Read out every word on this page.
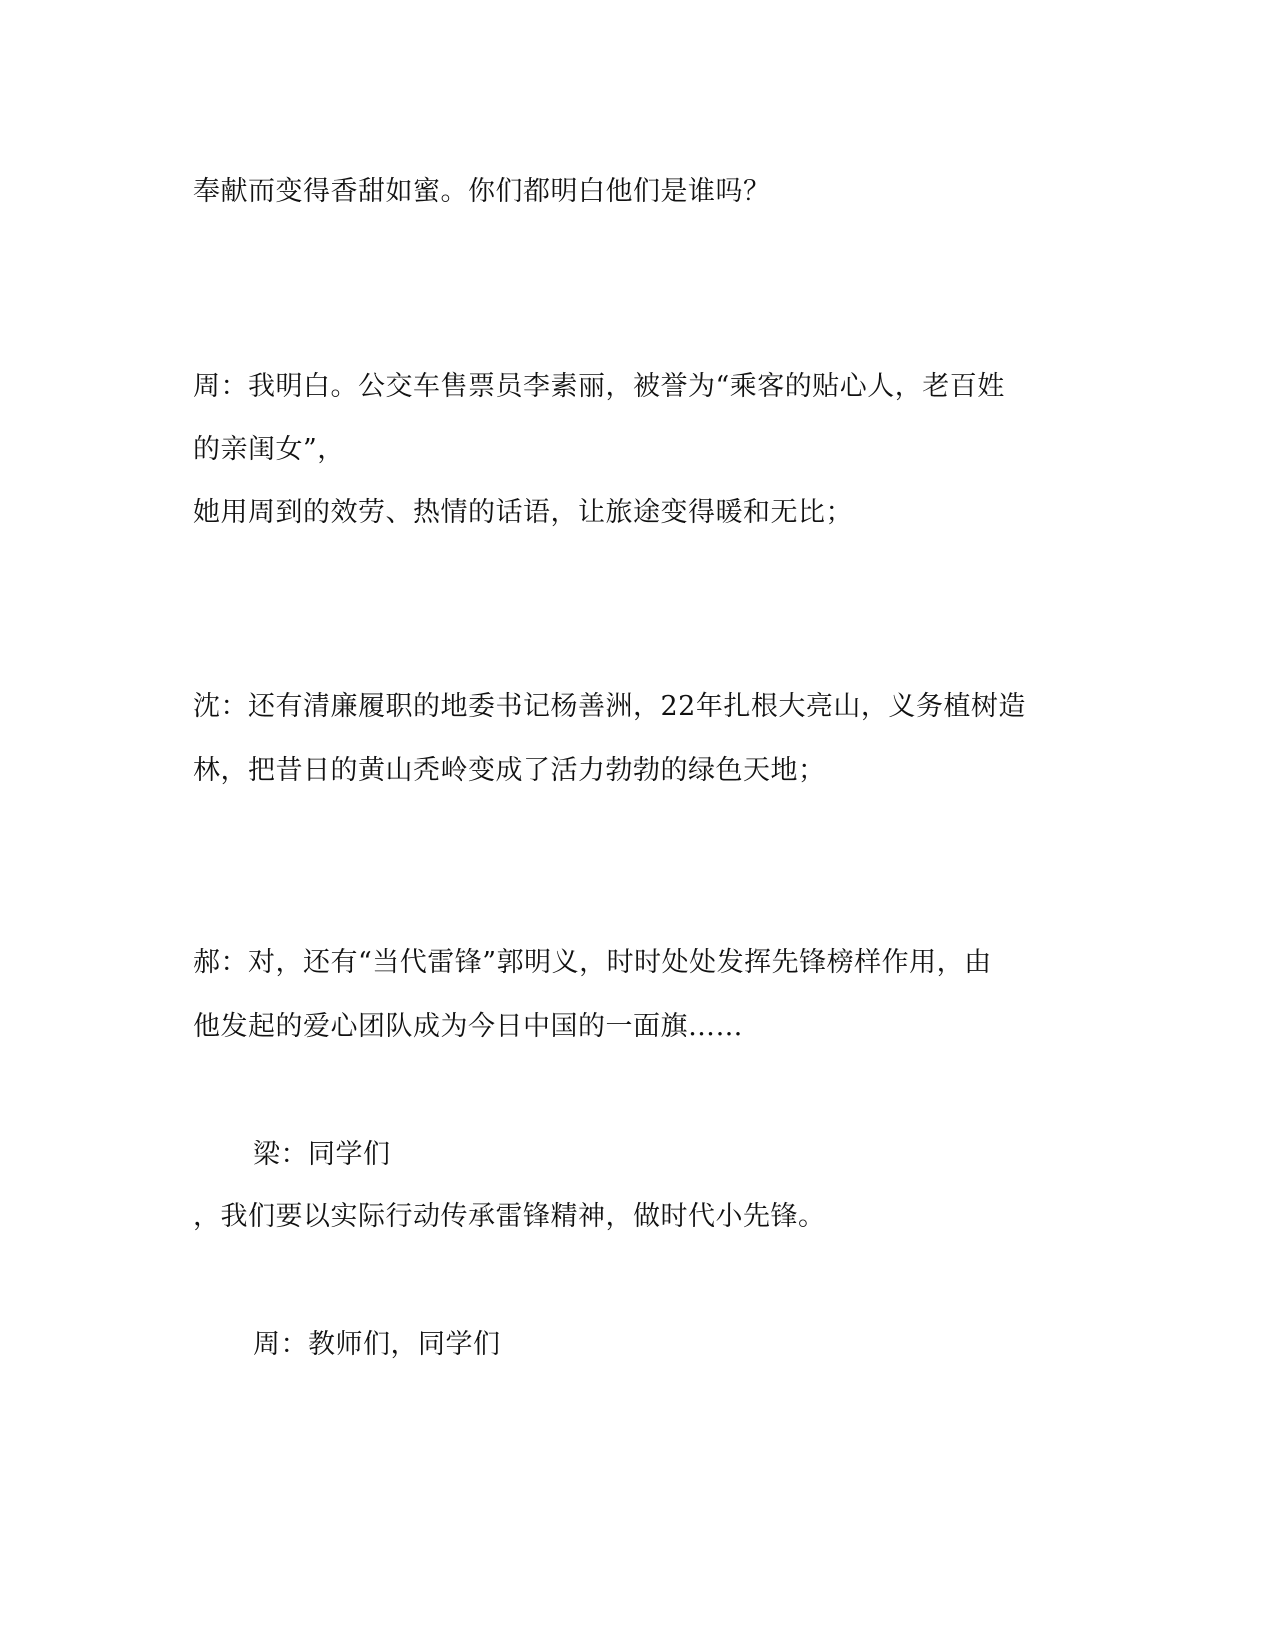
奉献而变得香甜如蜜。你们都明白他们是谁吗？
周：我明白。公交车售票员李素丽，被誉为“乘客的贴心人，老百姓
的亲闺女”，
她用周到的效劳、热情的话语，让旅途变得暖和无比；
沈：还有清廉履职的地委书记杨善洲，22年扎根大亮山，义务植树造
林，把昔日的黄山秃岭变成了活力勃勃的绿色天地；
郝：对，还有“当代雷锋”郭明义，时时处处发挥先锋榜样作用，由
他发起的爱心团队成为今日中国的一面旗……
梁：同学们
，我们要以实际行动传承雷锋精神，做时代小先锋。
周：教师们，同学们
